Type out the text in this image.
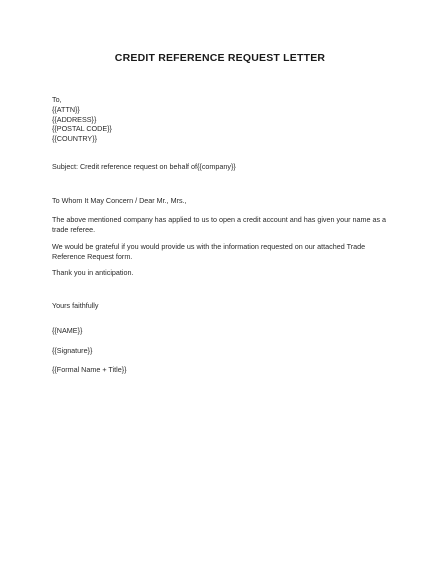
CREDIT REFERENCE REQUEST LETTER
To,
{{ATTN}}
{{ADDRESS}}
{{POSTAL CODE}}
{{COUNTRY}}
Subject: Credit reference request on behalf of{{company}}
To Whom It May Concern / Dear Mr., Mrs.,
The above mentioned company has applied to us to open a credit account and has given your name as a trade referee.
We would be grateful if you would provide us with the information requested on our attached Trade Reference Request form.
Thank you in anticipation.
Yours faithfully
{{NAME}}
{{Signature}}
{{Formal Name + Title}}
